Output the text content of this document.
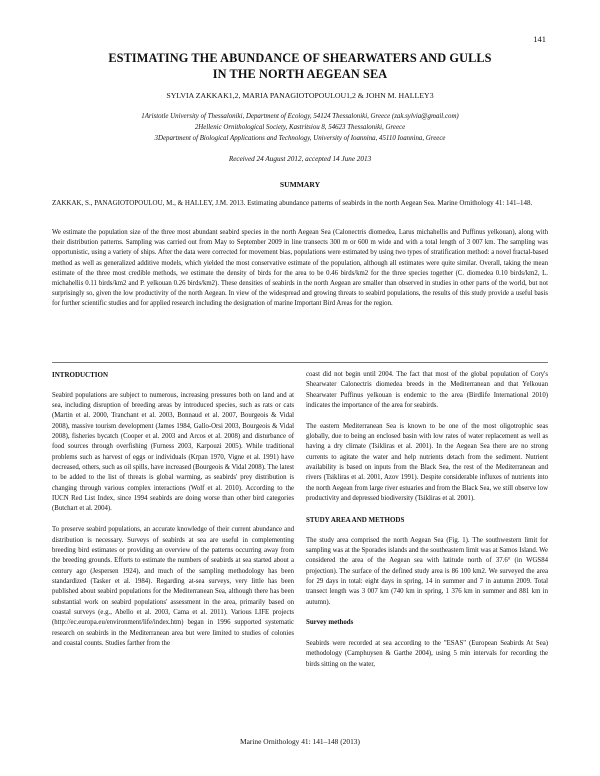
141
ESTIMATING THE ABUNDANCE OF SHEARWATERS AND GULLS
IN THE NORTH AEGEAN SEA
SYLVIA ZAKKAK1,2, MARIA PANAGIOTOPOULOU1,2 & JOHN M. HALLEY3
1Aristotle University of Thessaloniki, Department of Ecology, 54124 Thessaloniki, Greece (zak.sylvia@gmail.com)
2Hellenic Ornithological Society, Kastritsiou 8, 54623 Thessaloniki, Greece
3Department of Biological Applications and Technology, University of Ioannina, 45110 Ioannina, Greece
Received 24 August 2012, accepted 14 June 2013
SUMMARY
ZAKKAK, S., PANAGIOTOPOULOU, M., & HALLEY, J.M. 2013. Estimating abundance patterns of seabirds in the north Aegean Sea. Marine Ornithology 41: 141–148.
We estimate the population size of the three most abundant seabird species in the north Aegean Sea (Calonectris diomedea, Larus michahellis and Puffinus yelkouan), along with their distribution patterns. Sampling was carried out from May to September 2009 in line transects 300 m or 600 m wide and with a total length of 3 007 km. The sampling was opportunistic, using a variety of ships. After the data were corrected for movement bias, populations were estimated by using two types of stratification method: a novel fractal-based method as well as generalized additive models, which yielded the most conservative estimate of the population, although all estimates were quite similar. Overall, taking the mean estimate of the three most credible methods, we estimate the density of birds for the area to be 0.46 birds/km2 for the three species together (C. diomedea 0.10 birds/km2, L. michahellis 0.11 birds/km2 and P. yelkouan 0.26 birds/km2). These densities of seabirds in the north Aegean are smaller than observed in studies in other parts of the world, but not surprisingly so, given the low productivity of the north Aegean. In view of the widespread and growing threats to seabird populations, the results of this study provide a useful basis for further scientific studies and for applied research including the designation of marine Important Bird Areas for the region.
INTRODUCTION

Seabird populations are subject to numerous, increasing pressures both on land and at sea, including disruption of breeding areas by introduced species, such as rats or cats (Martin et al. 2000, Tranchant et al. 2003, Bonnaud et al. 2007, Bourgeois & Vidal 2008), massive tourism development (James 1984, Gallo-Orsi 2003, Bourgeois & Vidal 2008), fisheries bycatch (Cooper et al. 2003 and Arcos et al. 2008) and disturbance of food sources through overfishing (Furness 2003, Karpouzi 2005). While traditional problems such as harvest of eggs or individuals (Krpan 1970, Vigne et al. 1991) have decreased, others, such as oil spills, have increased (Bourgeois & Vidal 2008). The latest to be added to the list of threats is global warming, as seabirds' prey distribution is changing through various complex interactions (Wolf et al. 2010). According to the IUCN Red List Index, since 1994 seabirds are doing worse than other bird categories (Butchart et al. 2004).

To preserve seabird populations, an accurate knowledge of their current abundance and distribution is necessary. Surveys of seabirds at sea are useful in complementing breeding bird estimates or providing an overview of the patterns occurring away from the breeding grounds. Efforts to estimate the numbers of seabirds at sea started about a century ago (Jespersen 1924), and much of the sampling methodology has been standardized (Tasker et al. 1984). Regarding at-sea surveys, very little has been published about seabird populations for the Mediterranean Sea, although there has been substantial work on seabird populations' assessment in the area, primarily based on coastal surveys (e.g., Abello et al. 2003, Cama et al. 2011). Various LIFE projects (http://ec.europa.eu/environment/life/index.htm) began in 1996 supported systematic research on seabirds in the Mediterranean area but were limited to studies of colonies and coastal counts. Studies farther from the

coast did not begin until 2004. The fact that most of the global population of Cory's Shearwater Calonectris diomedea breeds in the Mediterranean and that Yelkouan Shearwater Puffinus yelkouan is endemic to the area (Birdlife International 2010) indicates the importance of the area for seabirds.

The eastern Mediterranean Sea is known to be one of the most oligotrophic seas globally, due to being an enclosed basin with low rates of water replacement as well as having a dry climate (Tsikliras et al. 2001). In the Aegean Sea there are no strong currents to agitate the water and help nutrients detach from the sediment. Nutrient availability is based on inputs from the Black Sea, the rest of the Mediterranean and rivers (Tsikliras et al. 2001, Azov 1991). Despite considerable influxes of nutrients into the north Aegean from large river estuaries and from the Black Sea, we still observe low productivity and depressed biodiversity (Tsikliras et al. 2001).

STUDY AREA AND METHODS

The study area comprised the north Aegean Sea (Fig. 1). The southwestern limit for sampling was at the Sporades islands and the southeastern limit was at Samos Island. We considered the area of the Aegean sea with latitude north of 37.6° (in WGS84 projection). The surface of the defined study area is 86 100 km2. We surveyed the area for 29 days in total: eight days in spring, 14 in summer and 7 in autumn 2009. Total transect length was 3 007 km (740 km in spring, 1 376 km in summer and 881 km in autumn).

Survey methods

Seabirds were recorded at sea according to the "ESAS" (European Seabirds At Sea) methodology (Camphuysen & Garthe 2004), using 5 min intervals for recording the birds sitting on the water,

Marine Ornithology 41: 141–148 (2013)
